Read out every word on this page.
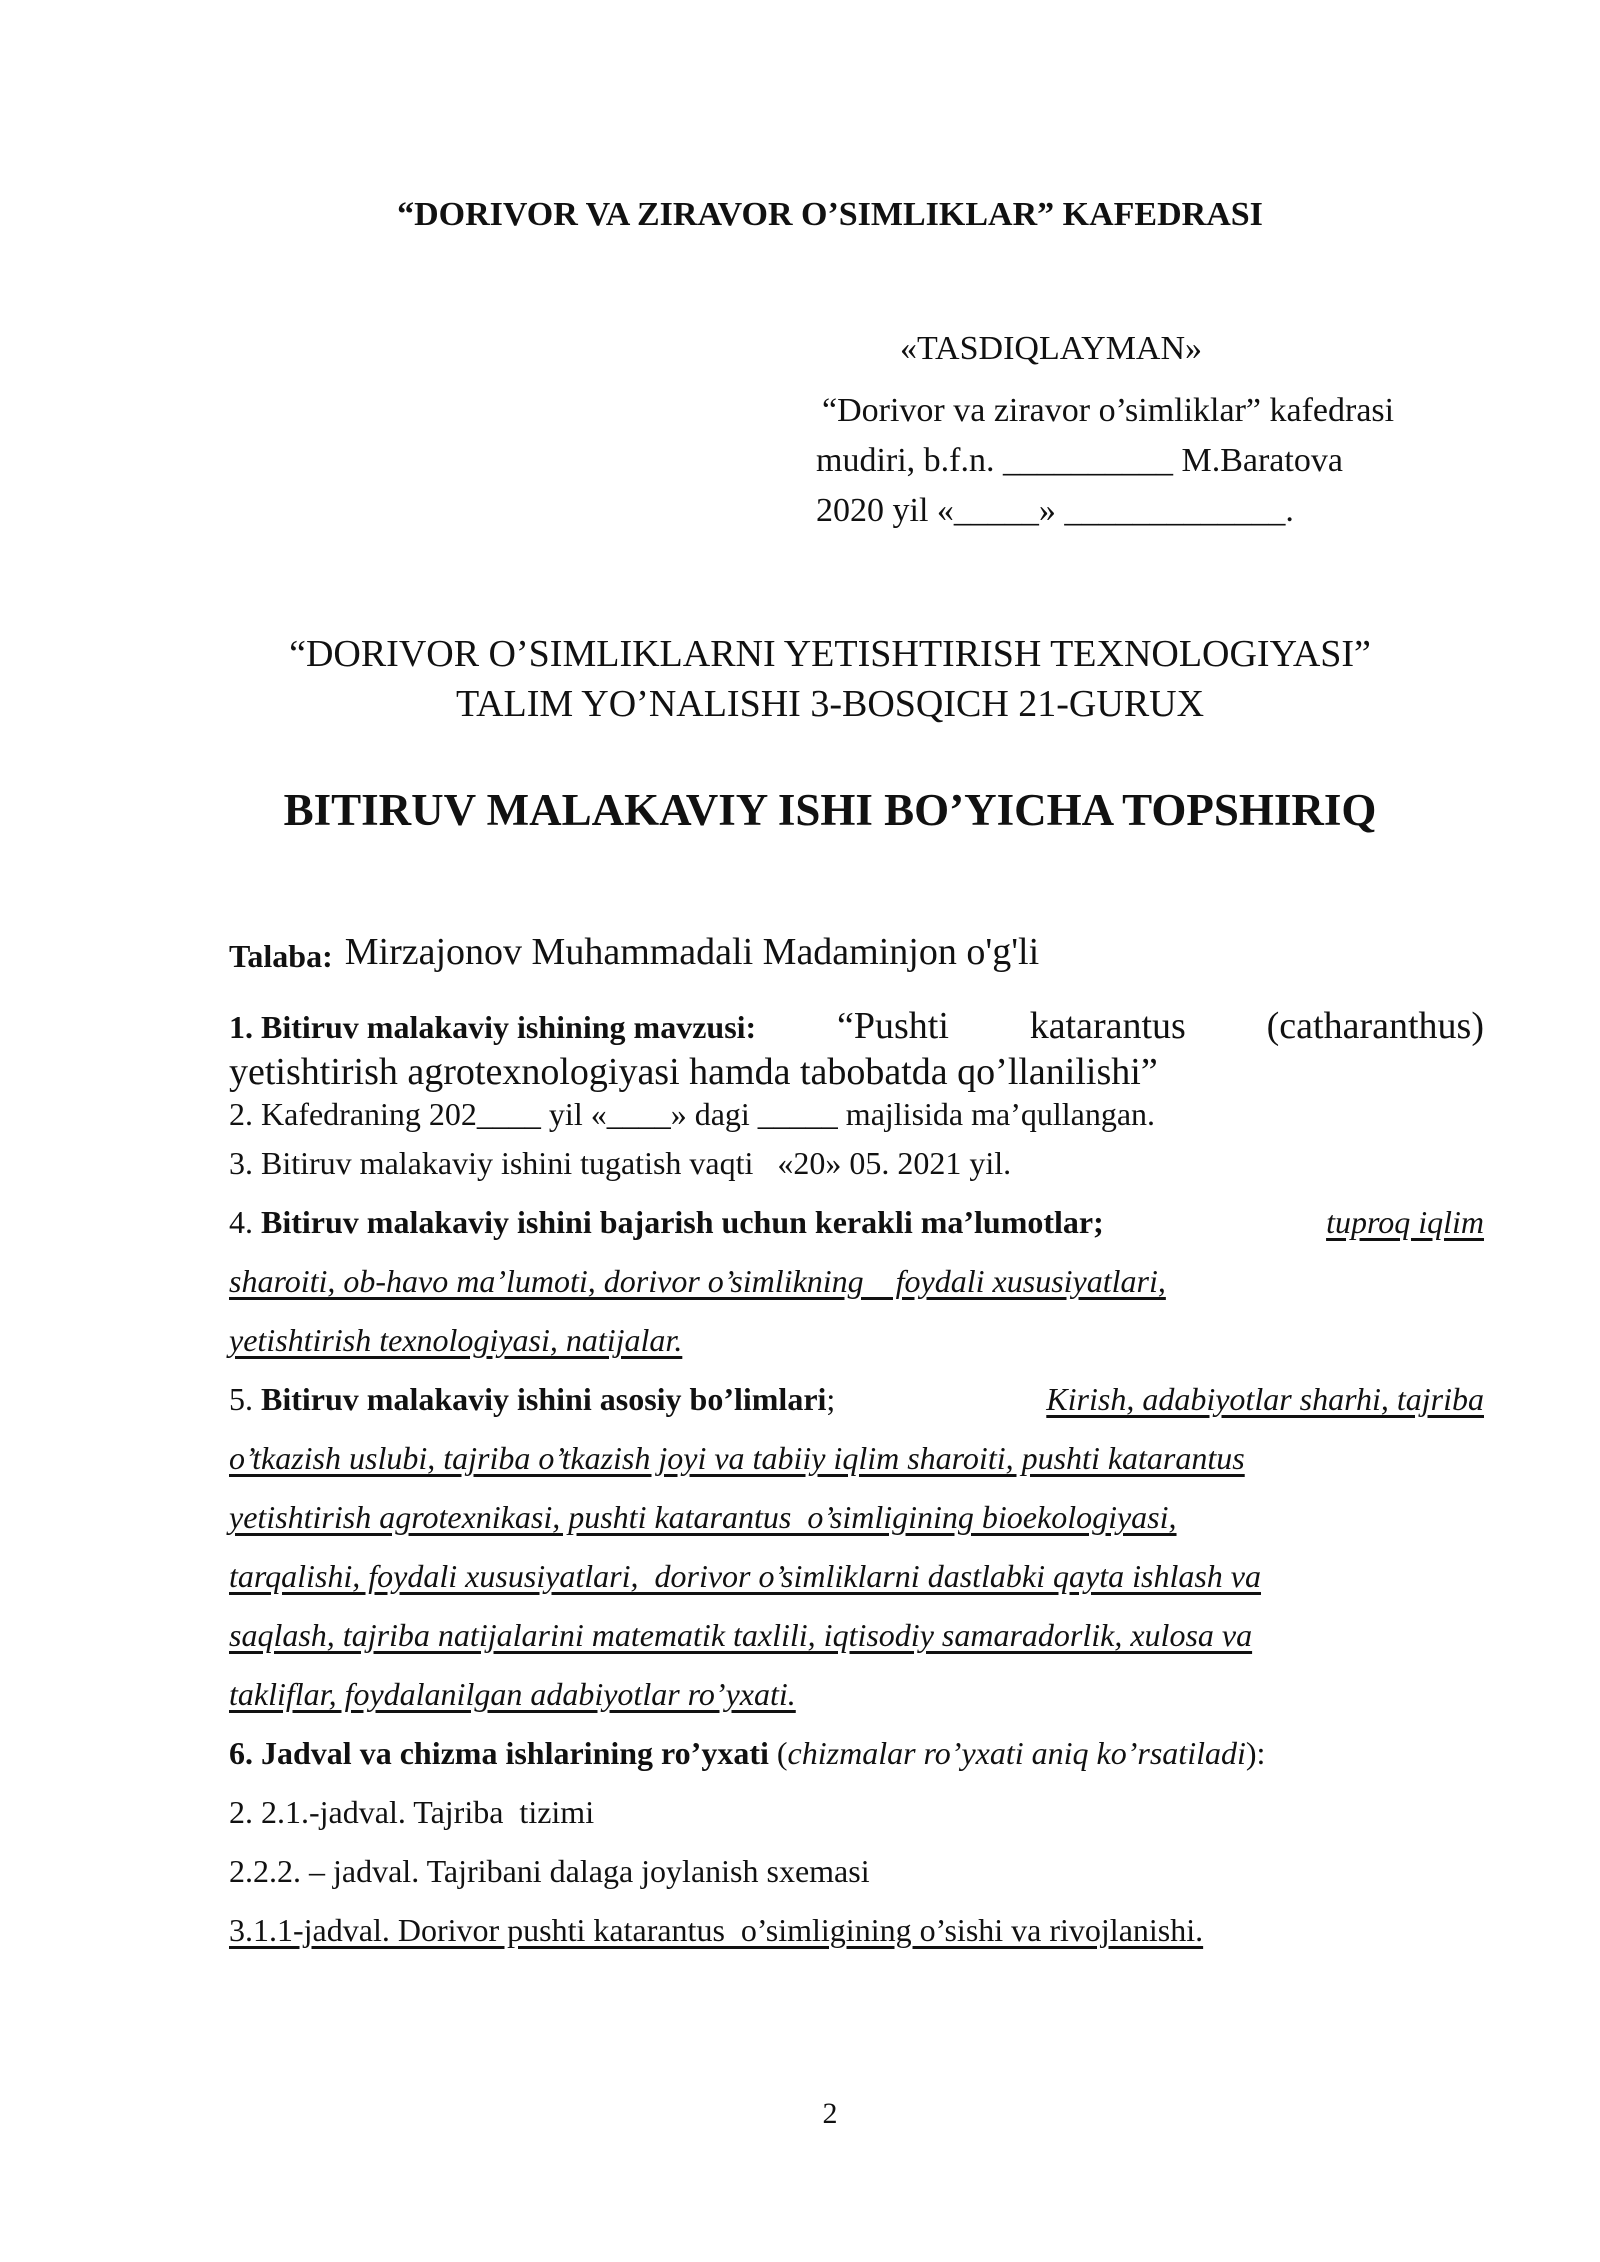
“DORIVOR VA ZIRAVOR O’SIMLIKLAR” KAFEDRASI
«TASDIQLAYMAN»
“Dorivor va ziravor o’simliklar” kafedrasi
mudiri, b.f.n. __________ M.Baratova
2020 yil «_____» _____________.
“DORIVOR O’SIMLIKLARNI YETISHTIRISH TEXNOLOGIYASI”
TALIM YO’NALISHI 3-BOSQICH 21-GURUX
BITIRUV MALAKAVIY ISHI BO’YICHA TOPSHIRIQ
Talaba: Mirzajonov Muhammadali Madaminjon o'g'li
1. Bitiruv malakaviy ishining mavzusi: “Pushti katarantus (catharanthus)
yetishtirish agrotexnologiyasi hamda tabobatda qo’llanilishi”
2. Kafedraning 202____ yil «____» dagi _____ majlisida ma’qullangan.
3. Bitiruv malakaviy ishini tugatish vaqti   «20» 05. 2021 yil.
4. Bitiruv malakaviy ishini bajarish uchun kerakli ma’lumotlar;	tuproq iqlim
sharoiti, ob-havo ma’lumoti, dorivor o’simlikning    foydali xususiyatlari,
yetishtirish texnologiyasi, natijalar.
5. Bitiruv malakaviy ishini asosiy bo’limlari;	Kirish, adabiyotlar sharhi, tajriba
o’tkazish uslubi, tajriba o’tkazish joyi va tabiiy iqlim sharoiti, pushti katarantus
yetishtirish agrotexnikasi, pushti katarantus  o’simligining bioekologiyasi,
tarqalishi, foydali xususiyatlari,  dorivor o’simliklarni dastlabki qayta ishlash va
saqlash, tajriba natijalarini matematik taxlili, iqtisodiy samaradorlik, xulosa va
takliflar, foydalanilgan adabiyotlar ro’yxati.
6. Jadval va chizma ishlarining ro’yxati ( chizmalar ro’yxati aniq ko’rsatiladi ):
2. 2.1.-jadval. Tajriba  tizimi
2.2.2. – jadval. Tajribani dalaga joylanish sxemasi
3.1.1-jadval. Dorivor pushti katarantus  o’simligining o’sishi va rivojlanishi.
2
